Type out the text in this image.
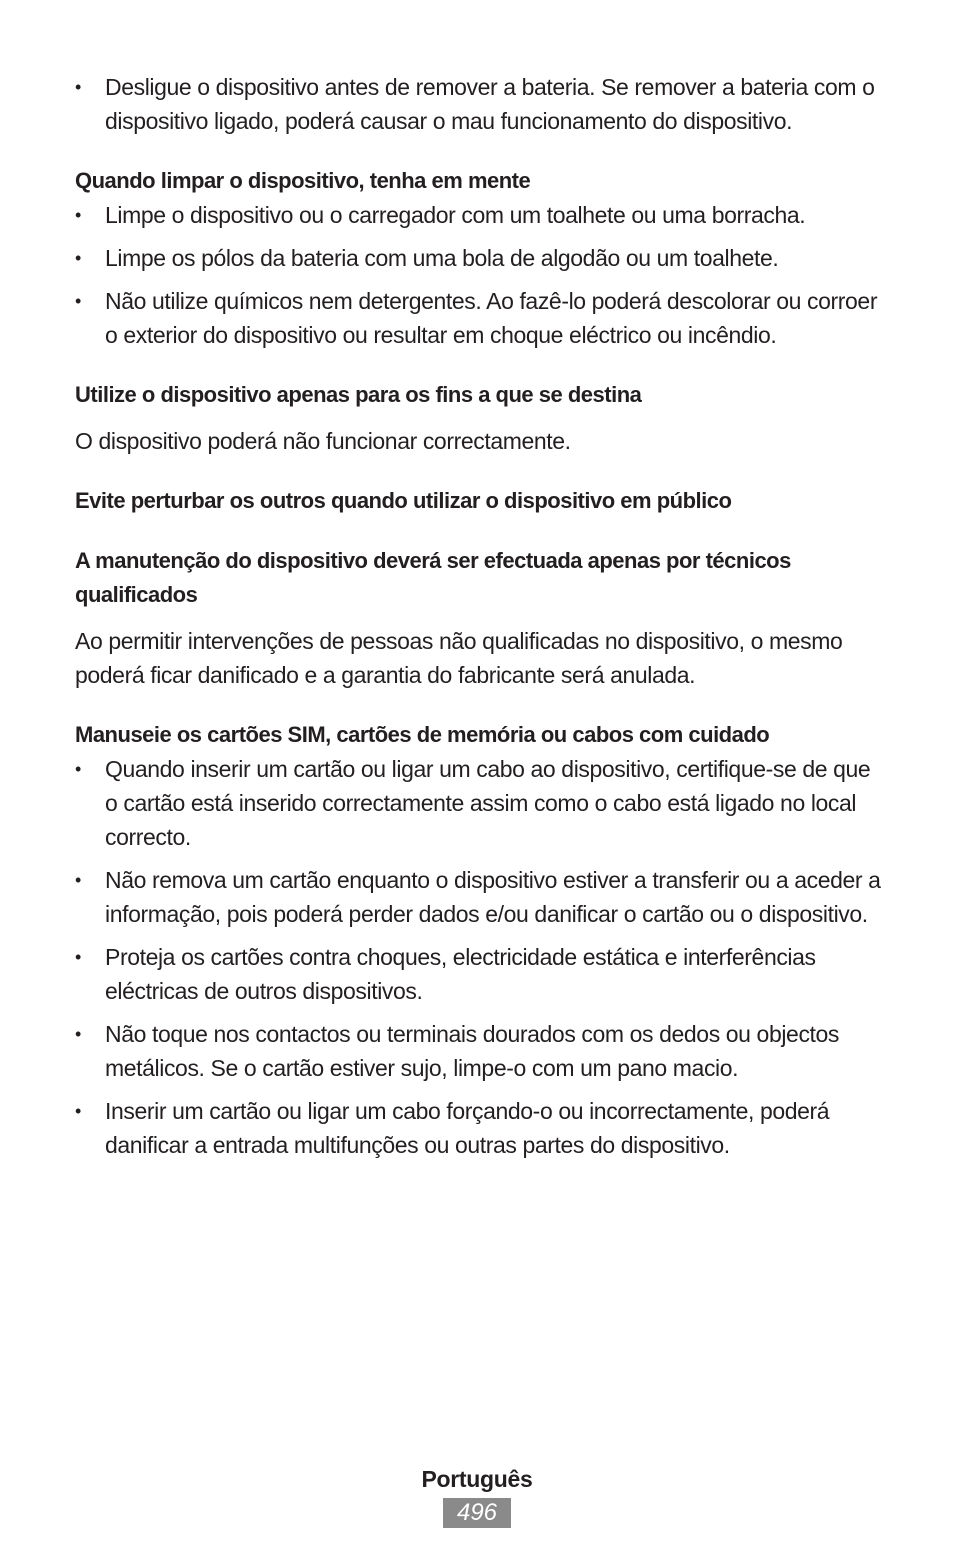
• Desligue o dispositivo antes de remover a bateria. Se remover a bateria com o dispositivo ligado, poderá causar o mau funcionamento do dispositivo.
Quando limpar o dispositivo, tenha em mente
• Limpe o dispositivo ou o carregador com um toalhete ou uma borracha.
• Limpe os pólos da bateria com uma bola de algodão ou um toalhete.
• Não utilize químicos nem detergentes. Ao fazê-lo poderá descolorar ou corroer o exterior do dispositivo ou resultar em choque eléctrico ou incêndio.
Utilize o dispositivo apenas para os fins a que se destina

O dispositivo poderá não funcionar correctamente.

Evite perturbar os outros quando utilizar o dispositivo em público
A manutenção do dispositivo deverá ser efectuada apenas por técnicos qualificados

Ao permitir intervenções de pessoas não qualificadas no dispositivo, o mesmo poderá ficar danificado e a garantia do fabricante será anulada.

Manuseie os cartões SIM, cartões de memória ou cabos com cuidado
• Quando inserir um cartão ou ligar um cabo ao dispositivo, certifique-se de que o cartão está inserido correctamente assim como o cabo está ligado no local correcto.
• Não remova um cartão enquanto o dispositivo estiver a transferir ou a aceder a informação, pois poderá perder dados e/ou danificar o cartão ou o dispositivo.
• Proteja os cartões contra choques, electricidade estática e interferências eléctricas de outros dispositivos.
• Não toque nos contactos ou terminais dourados com os dedos ou objectos metálicos. Se o cartão estiver sujo, limpe-o com um pano macio.
• Inserir um cartão ou ligar um cabo forçando-o ou incorrectamente, poderá danificar a entrada multifunções ou outras partes do dispositivo.
Português
496
